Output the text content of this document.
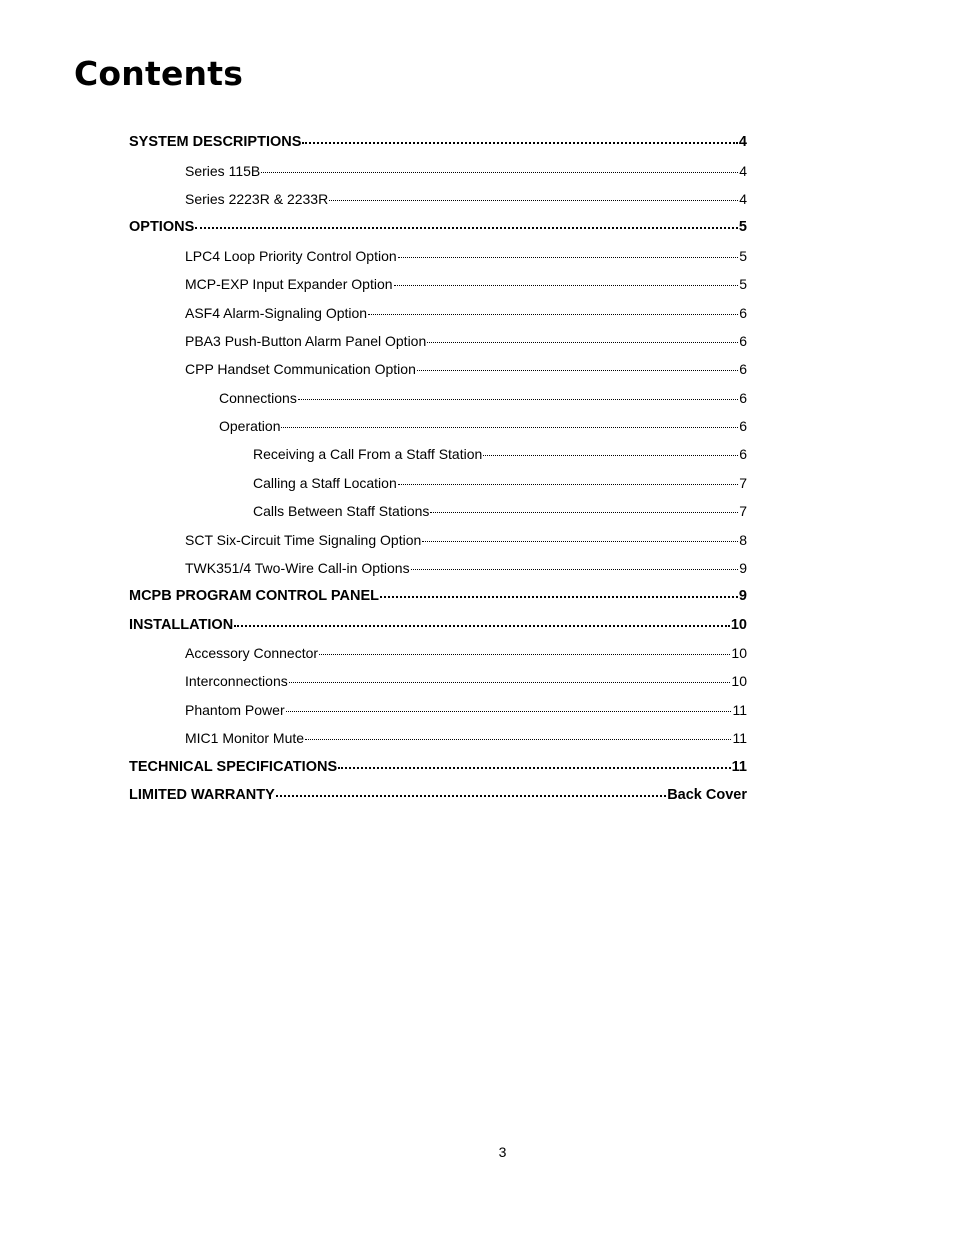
Contents
SYSTEM DESCRIPTIONS	4
Series 115B	4
Series 2223R & 2233R	4
OPTIONS	5
LPC4 Loop Priority Control Option	5
MCP-EXP Input Expander Option	5
ASF4 Alarm-Signaling Option	6
PBA3 Push-Button Alarm Panel Option	6
CPP Handset Communication Option	6
Connections	6
Operation	6
Receiving a Call From a Staff Station	6
Calling a Staff Location	7
Calls Between Staff Stations	7
SCT Six-Circuit Time Signaling Option	8
TWK351/4 Two-Wire Call-in Options	9
MCPB PROGRAM CONTROL PANEL	9
INSTALLATION	10
Accessory Connector	10
Interconnections	10
Phantom Power	11
MIC1 Monitor Mute	11
TECHNICAL SPECIFICATIONS	11
LIMITED WARRANTY	Back Cover
3
